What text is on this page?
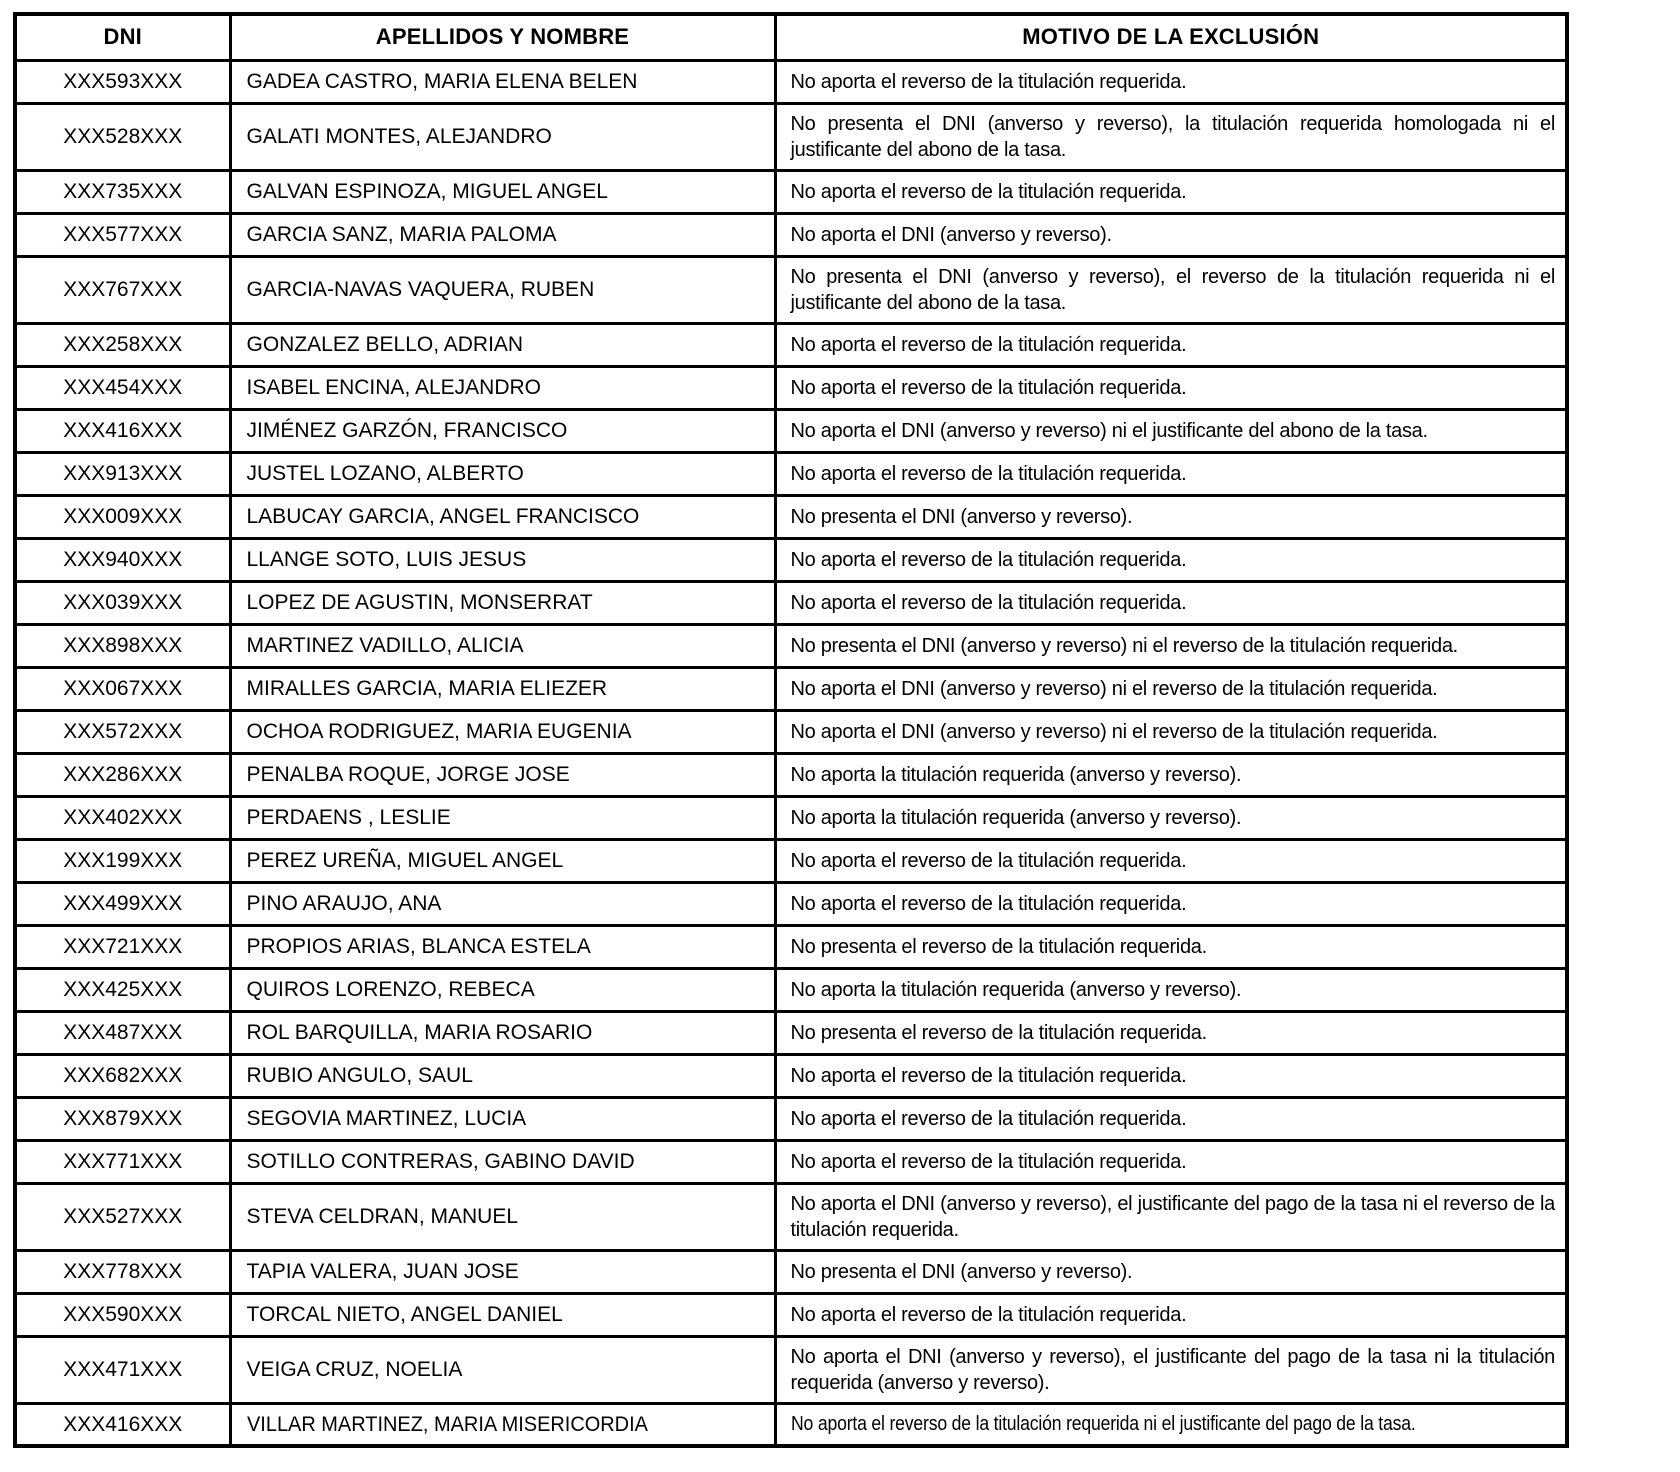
DNI	APELLIDOS Y NOMBRE	MOTIVO DE LA EXCLUSIÓN
XXX593XXX	GADEA CASTRO, MARIA ELENA BELEN	No aporta el reverso de la titulación requerida.
XXX528XXX	GALATI MONTES, ALEJANDRO	No presenta el DNI (anverso y reverso), la titulación requerida homologada ni el justificante del abono de la tasa.
XXX735XXX	GALVAN ESPINOZA, MIGUEL ANGEL	No aporta el reverso de la titulación requerida.
XXX577XXX	GARCIA SANZ, MARIA PALOMA	No aporta el DNI (anverso y reverso).
XXX767XXX	GARCIA-NAVAS VAQUERA, RUBEN	No presenta el DNI (anverso y reverso), el reverso de la titulación requerida ni el justificante del abono de la tasa.
XXX258XXX	GONZALEZ BELLO, ADRIAN	No aporta el reverso de la titulación requerida.
XXX454XXX	ISABEL ENCINA, ALEJANDRO	No aporta el reverso de la titulación requerida.
XXX416XXX	JIMÉNEZ GARZÓN, FRANCISCO	No aporta el DNI (anverso y reverso) ni el justificante del abono de la tasa.
XXX913XXX	JUSTEL LOZANO, ALBERTO	No aporta el reverso de la titulación requerida.
XXX009XXX	LABUCAY GARCIA, ANGEL FRANCISCO	No presenta el DNI (anverso y reverso).
XXX940XXX	LLANGE SOTO, LUIS JESUS	No aporta el reverso de la titulación requerida.
XXX039XXX	LOPEZ DE AGUSTIN, MONSERRAT	No aporta el reverso de la titulación requerida.
XXX898XXX	MARTINEZ VADILLO, ALICIA	No presenta el DNI (anverso y reverso) ni el reverso de la titulación requerida.
XXX067XXX	MIRALLES GARCIA, MARIA ELIEZER	No aporta el DNI (anverso y reverso) ni el reverso de la titulación requerida.
XXX572XXX	OCHOA RODRIGUEZ, MARIA EUGENIA	No aporta el DNI (anverso y reverso) ni el reverso de la titulación requerida.
XXX286XXX	PENALBA ROQUE, JORGE JOSE	No aporta la titulación requerida (anverso y reverso).
XXX402XXX	PERDAENS , LESLIE	No aporta la titulación requerida (anverso y reverso).
XXX199XXX	PEREZ UREÑA, MIGUEL ANGEL	No aporta el reverso de la titulación requerida.
XXX499XXX	PINO ARAUJO, ANA	No aporta el reverso de la titulación requerida.
XXX721XXX	PROPIOS ARIAS, BLANCA ESTELA	No presenta el reverso de la titulación requerida.
XXX425XXX	QUIROS LORENZO, REBECA	No aporta la titulación requerida (anverso y reverso).
XXX487XXX	ROL BARQUILLA, MARIA ROSARIO	No presenta el reverso de la titulación requerida.
XXX682XXX	RUBIO ANGULO, SAUL	No aporta el reverso de la titulación requerida.
XXX879XXX	SEGOVIA MARTINEZ, LUCIA	No aporta el reverso de la titulación requerida.
XXX771XXX	SOTILLO CONTRERAS, GABINO DAVID	No aporta el reverso de la titulación requerida.
XXX527XXX	STEVA CELDRAN, MANUEL	No aporta el DNI (anverso y reverso), el justificante del pago de la tasa ni el reverso de la titulación requerida.
XXX778XXX	TAPIA VALERA, JUAN JOSE	No presenta el DNI (anverso y reverso).
XXX590XXX	TORCAL NIETO, ANGEL DANIEL	No aporta el reverso de la titulación requerida.
XXX471XXX	VEIGA CRUZ, NOELIA	No aporta el DNI (anverso y reverso), el justificante del pago de la tasa ni la titulación requerida (anverso y reverso).
XXX416XXX	VILLAR MARTINEZ, MARIA MISERICORDIA	No aporta el reverso de la titulación requerida ni el justificante del pago de la tasa.
